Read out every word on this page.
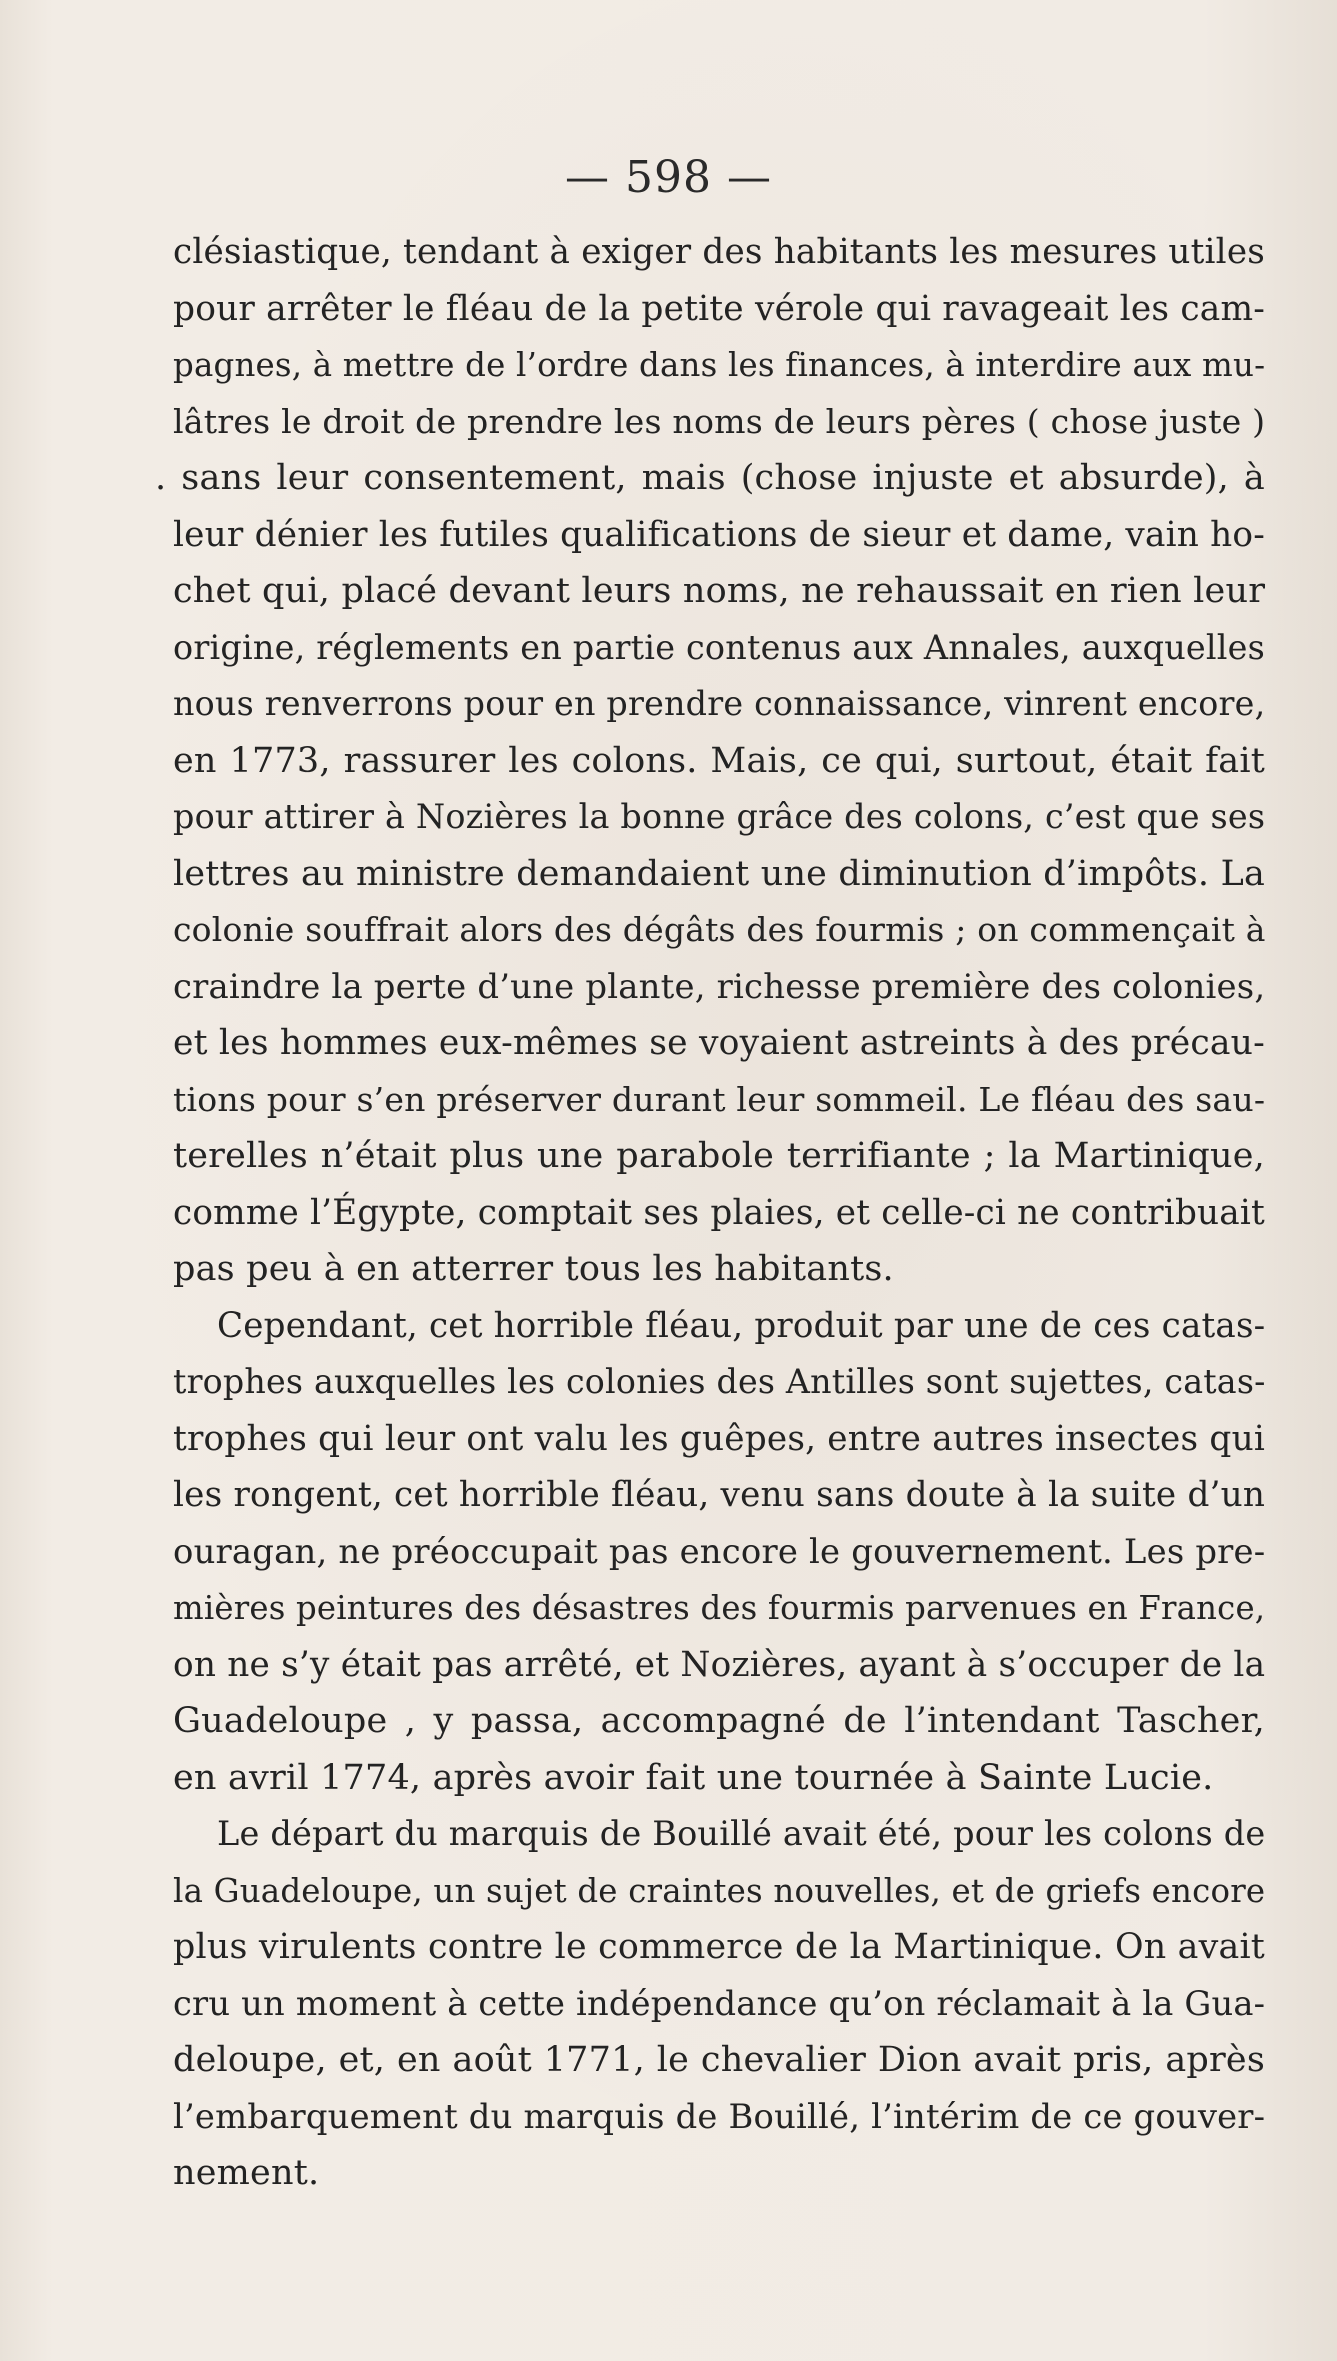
— 598 —
clésiastique, tendant à exiger des habitants les mesures utiles
pour arrêter le fléau de la petite vérole qui ravageait les cam-
pagnes, à mettre de l’ordre dans les finances, à interdire aux mu-
lâtres le droit de prendre les noms de leurs pères ( chose juste )
. sans leur consentement, mais (chose injuste et absurde), à
leur dénier les futiles qualifications de sieur et dame, vain ho-
chet qui, placé devant leurs noms, ne rehaussait en rien leur
origine, réglements en partie contenus aux Annales, auxquelles
nous renverrons pour en prendre connaissance, vinrent encore,
en 1773, rassurer les colons. Mais, ce qui, surtout, était fait
pour attirer à Nozières la bonne grâce des colons, c’est que ses
lettres au ministre demandaient une diminution d’impôts. La
colonie souffrait alors des dégâts des fourmis ; on commençait à
craindre la perte d’une plante, richesse première des colonies,
et les hommes eux-mêmes se voyaient astreints à des précau-
tions pour s’en préserver durant leur sommeil. Le fléau des sau-
terelles n’était plus une parabole terrifiante ; la Martinique,
comme l’Égypte, comptait ses plaies, et celle-ci ne contribuait
pas peu à en atterrer tous les habitants.
Cependant, cet horrible fléau, produit par une de ces catas-
trophes auxquelles les colonies des Antilles sont sujettes, catas-
trophes qui leur ont valu les guêpes, entre autres insectes qui
les rongent, cet horrible fléau, venu sans doute à la suite d’un
ouragan, ne préoccupait pas encore le gouvernement. Les pre-
mières peintures des désastres des fourmis parvenues en France,
on ne s’y était pas arrêté, et Nozières, ayant à s’occuper de la
Guadeloupe , y passa, accompagné de l’intendant Tascher,
en avril 1774, après avoir fait une tournée à Sainte Lucie.
Le départ du marquis de Bouillé avait été, pour les colons de
la Guadeloupe, un sujet de craintes nouvelles, et de griefs encore
plus virulents contre le commerce de la Martinique. On avait
cru un moment à cette indépendance qu’on réclamait à la Gua-
deloupe, et, en août 1771, le chevalier Dion avait pris, après
l’embarquement du marquis de Bouillé, l’intérim de ce gouver-
nement.
